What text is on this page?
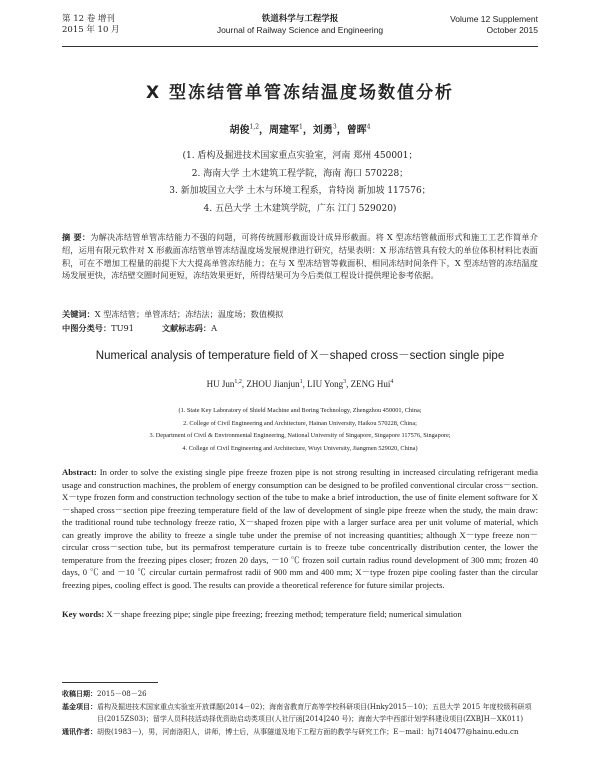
第 12 卷 增刊
2015 年 10 月
铁道科学与工程学报
Journal of Railway Science and Engineering
Volume 12 Supplement
October 2015
X 型冻结管单管冻结温度场数值分析
胡俊$^{1,2}$，周建军$^1$，刘勇$^3$，曾晖$^4$
(1. 盾构及掘进技术国家重点实验室，河南 郑州 450001；
2. 海南大学 土木建筑工程学院，海南 海口 570228；
3. 新加坡国立大学 土木与环境工程系，肯特岗 新加坡 117576；
4. 五邑大学 土木建筑学院，广东 江门 529020)
摘 要：为解决冻结管单管冻结能力不强的问题，可将传统圆形截面设计成异形截面。将 X 型冻结管截面形式和施工工艺作简单介绍，运用有限元软件对 X 形截面冻结管单管冻结温度场发展规律进行研究，结果表明：X 形冻结管具有较大的单位体积材料比表面积，可在不增加工程量的前提下大大提高单管冻结能力；在与 X 型冻结管等截面积、相同冻结时间条件下，X 型冻结管的冻结温度场发展更快，冻结壁交圈时间更短，冻结效果更好，所得结果可为今后类似工程设计提供理论参考依据。
关键词：X 型冻结管；单管冻结；冻结法；温度场；数值模拟
中图分类号：TU91	文献标志码：A
Numerical analysis of temperature field of X－shaped cross－section single pipe
HU Jun$^{1,2}$, ZHOU Jianjun$^1$, LIU Yong$^3$, ZENG Hui$^4$
(1. State Key Laboratory of Shield Machine and Boring Technology, Zhengzhou 450001, China;
2. College of Civil Engineering and Architecture, Hainan University, Haikou 570228, China;
3. Department of Civil & Environmental Engineering, National University of Singapore, Singapore 117576, Singapore;
4. College of Civil Engineering and Architecture, Wuyi University, Jiangmen 529020, China)
Abstract: In order to solve the existing single pipe freeze frozen pipe is not strong resulting in increased circulating refrigerant media usage and construction machines, the problem of energy consumption can be designed to be profiled conventional circular cross－section. X－type frozen form and construction technology section of the tube to make a brief introduction, the use of finite element software for X－shaped cross－section pipe freezing temperature field of the law of development of single pipe freeze when the study, the main draw: the traditional round tube technology freeze ratio, X－shaped frozen pipe with a larger surface area per unit volume of material, which can greatly improve the ability to freeze a single tube under the premise of not increasing quantities; although X－type freeze non－circular cross－section tube, but its permafrost temperature curtain is to freeze tube concentrically distribution center, the lower the temperature from the freezing pipes closer; frozen 20 days, －10 ℃ frozen soil curtain radius round development of 300 mm; frozen 40 days, 0 ℃ and －10 ℃ circular curtain permafrost radii of 900 mm and 400 mm; X－type frozen pipe cooling faster than the circular freezing pipes, cooling effect is good. The results can provide a theoretical reference for future similar projects.
Key words: X－shape freezing pipe; single pipe freezing; freezing method; temperature field; numerical simulation
收稿日期： 2015－08－26
基金项目： 盾构及掘进技术国家重点实验室开放课题(2014－02)；海南省教育厅高等学校科研项目(Hnky2015－10)；五邑大学 2015 年度校级科研项目(2015ZS03)；留学人员科技活动择优资助启动类项目(人社厅函[2014]240 号)；海南大学中西部计划学科建设项目(ZXBJH－XK011)
通讯作者： 胡俊(1983－)，男，河南洛阳人，讲师，博士后，从事隧道及地下工程方面的教学与研究工作；E－mail：hj7140477@hainu.edu.cn
